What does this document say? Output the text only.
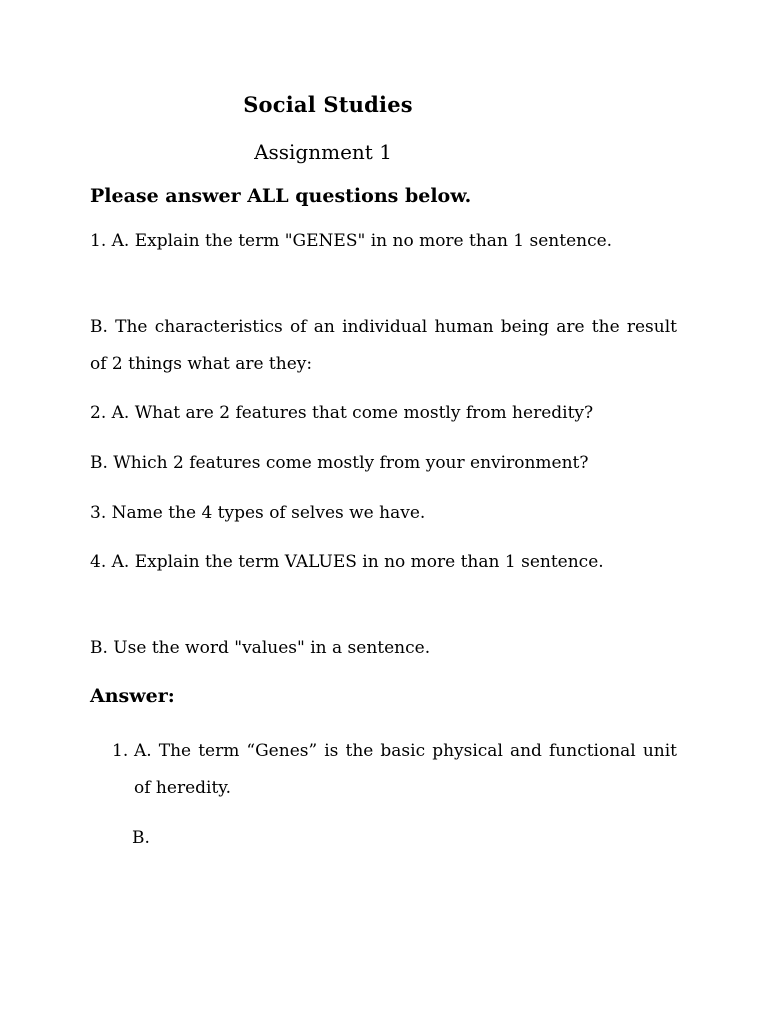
Social Studies
Assignment 1
Please answer ALL questions below.
1. A. Explain the term "GENES" in no more than 1 sentence.
B. The characteristics of an individual human being are the result of 2 things what are they:
2. A. What are 2 features that come mostly from heredity?
B. Which 2 features come mostly from your environment?
3. Name the 4 types of selves we have.
4. A. Explain the term VALUES in no more than 1 sentence.
B. Use the word "values" in a sentence.
Answer:
1. A. The term “Genes” is the basic physical and functional unit of heredity.
B.
